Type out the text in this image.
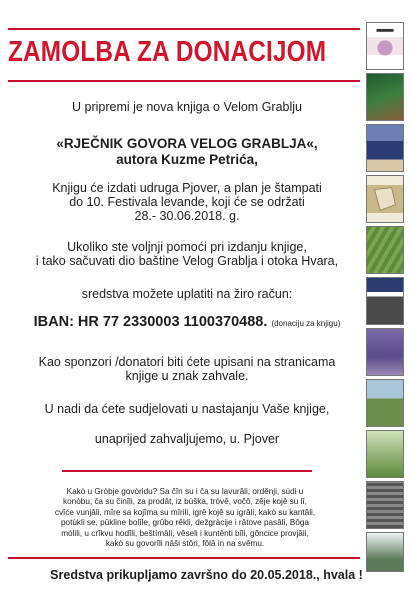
ZAMOLBA ZA DONACIJOM

U pripremi je nova knjiga o Velom Grablju

«RJEČNIK GOVORA VELOG GRABLJA«,

autora Kuzme Petrića,

Knjigu će izdati udruga Pjover, a plan je štampati

do 10. Festivala levande, koji će se održati

28.- 30.06.2018. g.

Ukoliko ste voljnji pomoći pri izdanju knjige,

i tako sačuvati dio baštine Velog Grablja i otoka Hvara,

sredstva možete uplatiti na žiro račun:

IBAN: HR 77 2330003 1100370488. (donaciju za knjigu)

Kao sponzori /donatori biti ćete upisani na stranicama

knjige u znak zahvale.

U nadi da ćete sudjelovati u nastajanju Vaše knjige,

unaprijed zahvaljujemo, u. Pjover

Kakò u Gròbje govòridu? Sa čîn su i ča su lavurâli, orděnji, súdi u
konòbu, ča su činîli, za prodât, iz bùška, tròvê, vočô, zêje kojê su lî,
cvîće vunjâli, mîre sa kojîma su mîrili, igrê kojê su igrâli, kakò su kantâli,
potùkli se, pûkline bolîle, grûbo rêkli, dežgràcije i râtove pasâli, Bôga
mòlili, u crîkvu hodîli, beštímâli, vêseli i kuntênti bîli, gôncice provjâli,
kakò su govorîli nâši stôri, fôlâ in na svêmu.
Sredstva prikupljamo završno do 20.05.2018., hvala !
